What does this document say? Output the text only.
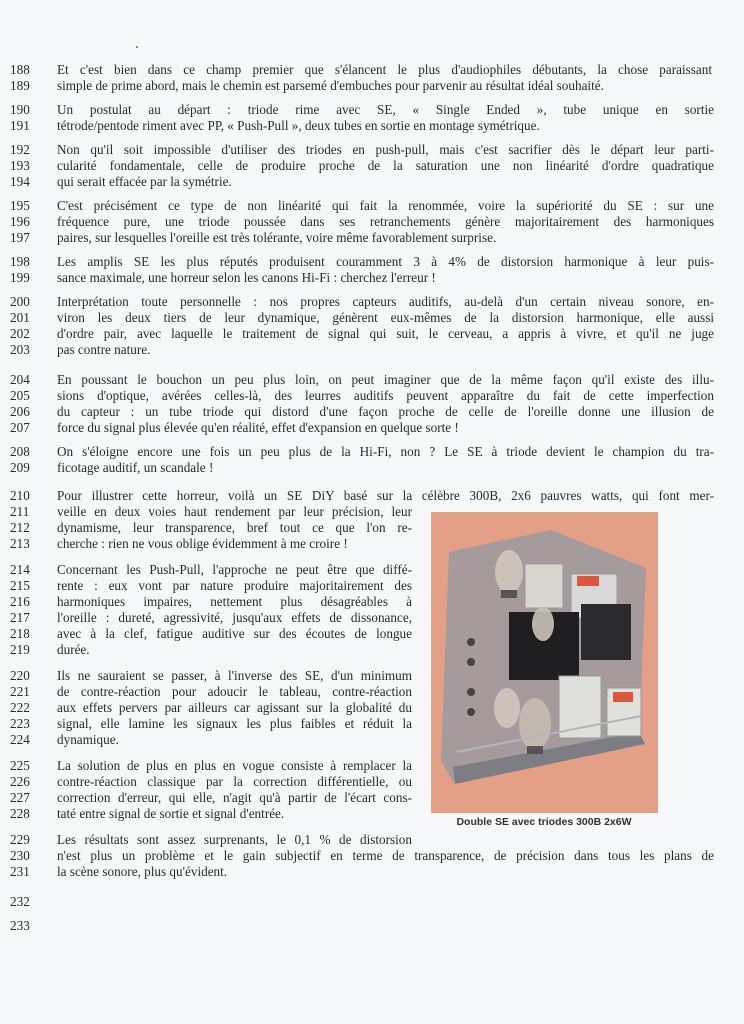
188	Et c'est bien dans ce champ premier que s'élancent le plus d'audiophiles débutants, la chose paraissant
189	simple de prime abord, mais le chemin est parsemé d'embuches pour parvenir au résultat idéal souhaité.
190	Un postulat au départ : triode rime avec SE, « Single Ended », tube unique en sortie
191	tétrode/pentode riment avec PP, « Push-Pull », deux tubes en sortie en montage symétrique.
192	Non qu'il soit impossible d'utiliser des triodes en push-pull, mais c'est sacrifier dès le départ leur parti-
193	cularité fondamentale, celle de produire proche de la saturation une non linéarité d'ordre quadratique
194	qui serait effacée par la symétrie.
195	C'est précisément ce type de non linéarité qui fait la renommée, voire la supériorité du SE : sur une
196	fréquence pure, une triode poussée dans ses retranchements génère majoritairement des harmoniques
197	paires, sur lesquelles l'oreille est très tolérante, voire même favorablement surprise.
198	Les amplis SE les plus réputés produisent couramment 3 à 4% de distorsion harmonique à leur puis-
199	sance maximale, une horreur selon les canons Hi-Fi : cherchez l'erreur !
200	Interprétation toute personnelle : nos propres capteurs auditifs, au-delà d'un certain niveau sonore, en-
201	viron les deux tiers de leur dynamique, génèrent eux-mêmes de la distorsion harmonique, elle aussi
202	d'ordre pair, avec laquelle le traitement de signal qui suit, le cerveau, a appris à vivre, et qu'il ne juge
203	pas contre nature.
204	En poussant le bouchon un peu plus loin, on peut imaginer que de la même façon qu'il existe des illu-
205	sions d'optique, avérées celles-là, des leurres auditifs peuvent apparaître du fait de cette imperfection
206	du capteur : un tube triode qui distord d'une façon proche de celle de l'oreille donne une illusion de
207	force du signal plus élevée qu'en réalité, effet d'expansion en quelque sorte !
208	On s'éloigne encore une fois un peu plus de la Hi-Fi, non ? Le SE à triode devient le champion du tra-
209	ficotage auditif, un scandale !
210	Pour illustrer cette horreur, voilà un SE DiY basé sur la célèbre 300B, 2x6 pauvres watts, qui font mer-
211	veille en deux voies haut rendement par leur précision, leur
212	dynamisme, leur transparence, bref tout ce que l'on re-
213	cherche : rien ne vous oblige évidemment à me croire !
214	Concernant les Push-Pull, l'approche ne peut être que diffé-
215	rente : eux vont par nature produire majoritairement des
216	harmoniques impaires, nettement plus désagréables à
217	l'oreille : dureté, agressivité, jusqu'aux effets de dissonance,
218	avec à la clef, fatigue auditive sur des écoutes de longue
219	durée.
220	Ils ne sauraient se passer, à l'inverse des SE, d'un minimum
221	de contre-réaction pour adoucir le tableau, contre-réaction
222	aux effets pervers par ailleurs car agissant sur la globalité du
223	signal, elle lamine les signaux les plus faibles et réduit la
224	dynamique.
225	La solution de plus en plus en vogue consiste à remplacer la
226	contre-réaction classique par la correction différentielle, ou
227	correction d'erreur, qui elle, n'agit qu'à partir de l'écart cons-
228	taté entre signal de sortie et signal d'entrée.
229	Les résultats sont assez surprenants, le 0,1 % de distorsion
230	n'est plus un problème et le gain subjectif en terme de transparence, de précision dans tous les plans de
231	la scène sonore, plus qu'évident.
232
233
Double SE avec triodes 300B 2x6W
